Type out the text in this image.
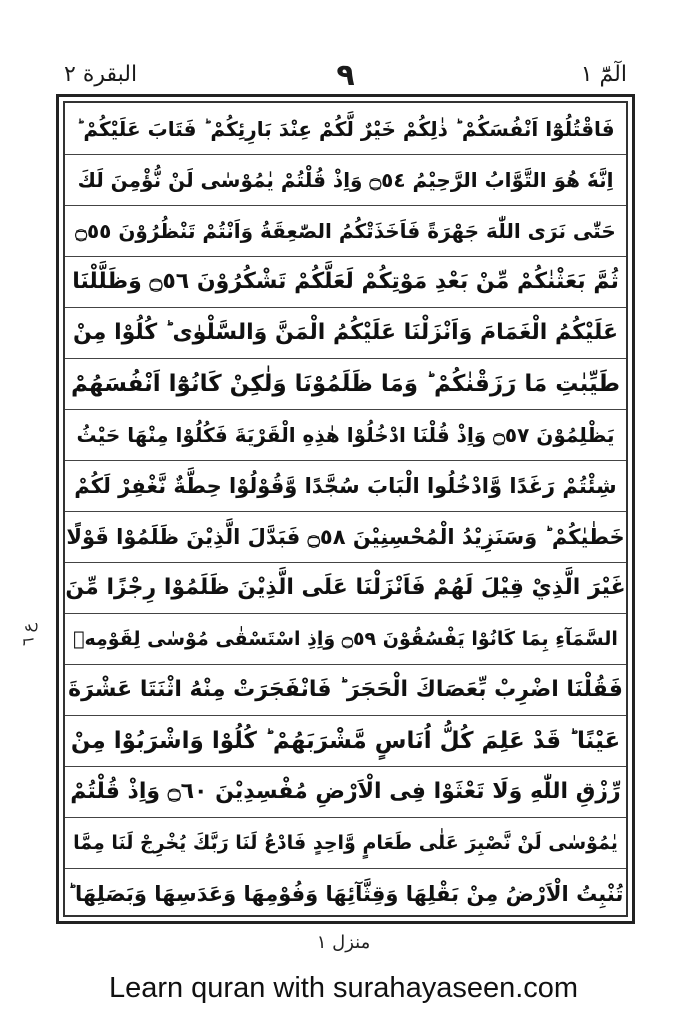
الٓمّٓ ١
٩
البقرة ٢
فَاقْتُلُوْٓا اَنْفُسَكُمْ ؕ ذٰلِكُمْ خَيْرٌ لَّكُمْ عِنْدَ بَارِئِكُمْ ؕ فَتَابَ عَلَيْكُمْ ؕ
اِنَّهٗ هُوَ التَّوَّابُ الرَّحِيْمُ ۝٥٤ وَاِذْ قُلْتُمْ يٰمُوْسٰى لَنْ نُّؤْمِنَ لَكَ
حَتّٰى نَرَى اللّٰهَ جَهْرَةً فَاَخَذَتْكُمُ الصّٰعِقَةُ وَاَنْتُمْ تَنْظُرُوْنَ ۝٥٥
ثُمَّ بَعَثْنٰكُمْ مِّنْ بَعْدِ مَوْتِكُمْ لَعَلَّكُمْ تَشْكُرُوْنَ ۝٥٦ وَظَلَّلْنَا
عَلَيْكُمُ الْغَمَامَ وَاَنْزَلْنَا عَلَيْكُمُ الْمَنَّ وَالسَّلْوٰى ؕ كُلُوْا مِنْ
طَيِّبٰتِ مَا رَزَقْنٰكُمْ ؕ وَمَا ظَلَمُوْنَا وَلٰكِنْ كَانُوْٓا اَنْفُسَهُمْ
يَظْلِمُوْنَ ۝٥٧ وَاِذْ قُلْنَا ادْخُلُوْا هٰذِهِ الْقَرْيَةَ فَكُلُوْا مِنْهَا حَيْثُ
شِئْتُمْ رَغَدًا وَّادْخُلُوا الْبَابَ سُجَّدًا وَّقُوْلُوْا حِطَّةٌ نَّغْفِرْ لَكُمْ
خَطٰيٰكُمْ ؕ وَسَنَزِيْدُ الْمُحْسِنِيْنَ ۝٥٨ فَبَدَّلَ الَّذِيْنَ ظَلَمُوْا قَوْلًا
غَيْرَ الَّذِيْ قِيْلَ لَهُمْ فَاَنْزَلْنَا عَلَى الَّذِيْنَ ظَلَمُوْا رِجْزًا مِّنَ
السَّمَآءِ بِمَا كَانُوْا يَفْسُقُوْنَ ۝٥٩ وَاِذِ اسْتَسْقٰى مُوْسٰى لِقَوْمِهٖ
فَقُلْنَا اضْرِبْ بِّعَصَاكَ الْحَجَرَ ؕ فَانْفَجَرَتْ مِنْهُ اثْنَتَا عَشْرَةَ
عَيْنًا ؕ قَدْ عَلِمَ كُلُّ اُنَاسٍ مَّشْرَبَهُمْ ؕ كُلُوْا وَاشْرَبُوْا مِنْ
رِّزْقِ اللّٰهِ وَلَا تَعْثَوْا فِى الْاَرْضِ مُفْسِدِيْنَ ۝٦٠ وَاِذْ قُلْتُمْ
يٰمُوْسٰى لَنْ نَّصْبِرَ عَلٰى طَعَامٍ وَّاحِدٍ فَادْعُ لَنَا رَبَّكَ يُخْرِجْ لَنَا مِمَّا
تُنْبِتُ الْاَرْضُ مِنْ بَقْلِهَا وَقِثَّآئِهَا وَفُوْمِهَا وَعَدَسِهَا وَبَصَلِهَا ؕ
ع ٦
منزل ١
Learn quran with surahayaseen.com
